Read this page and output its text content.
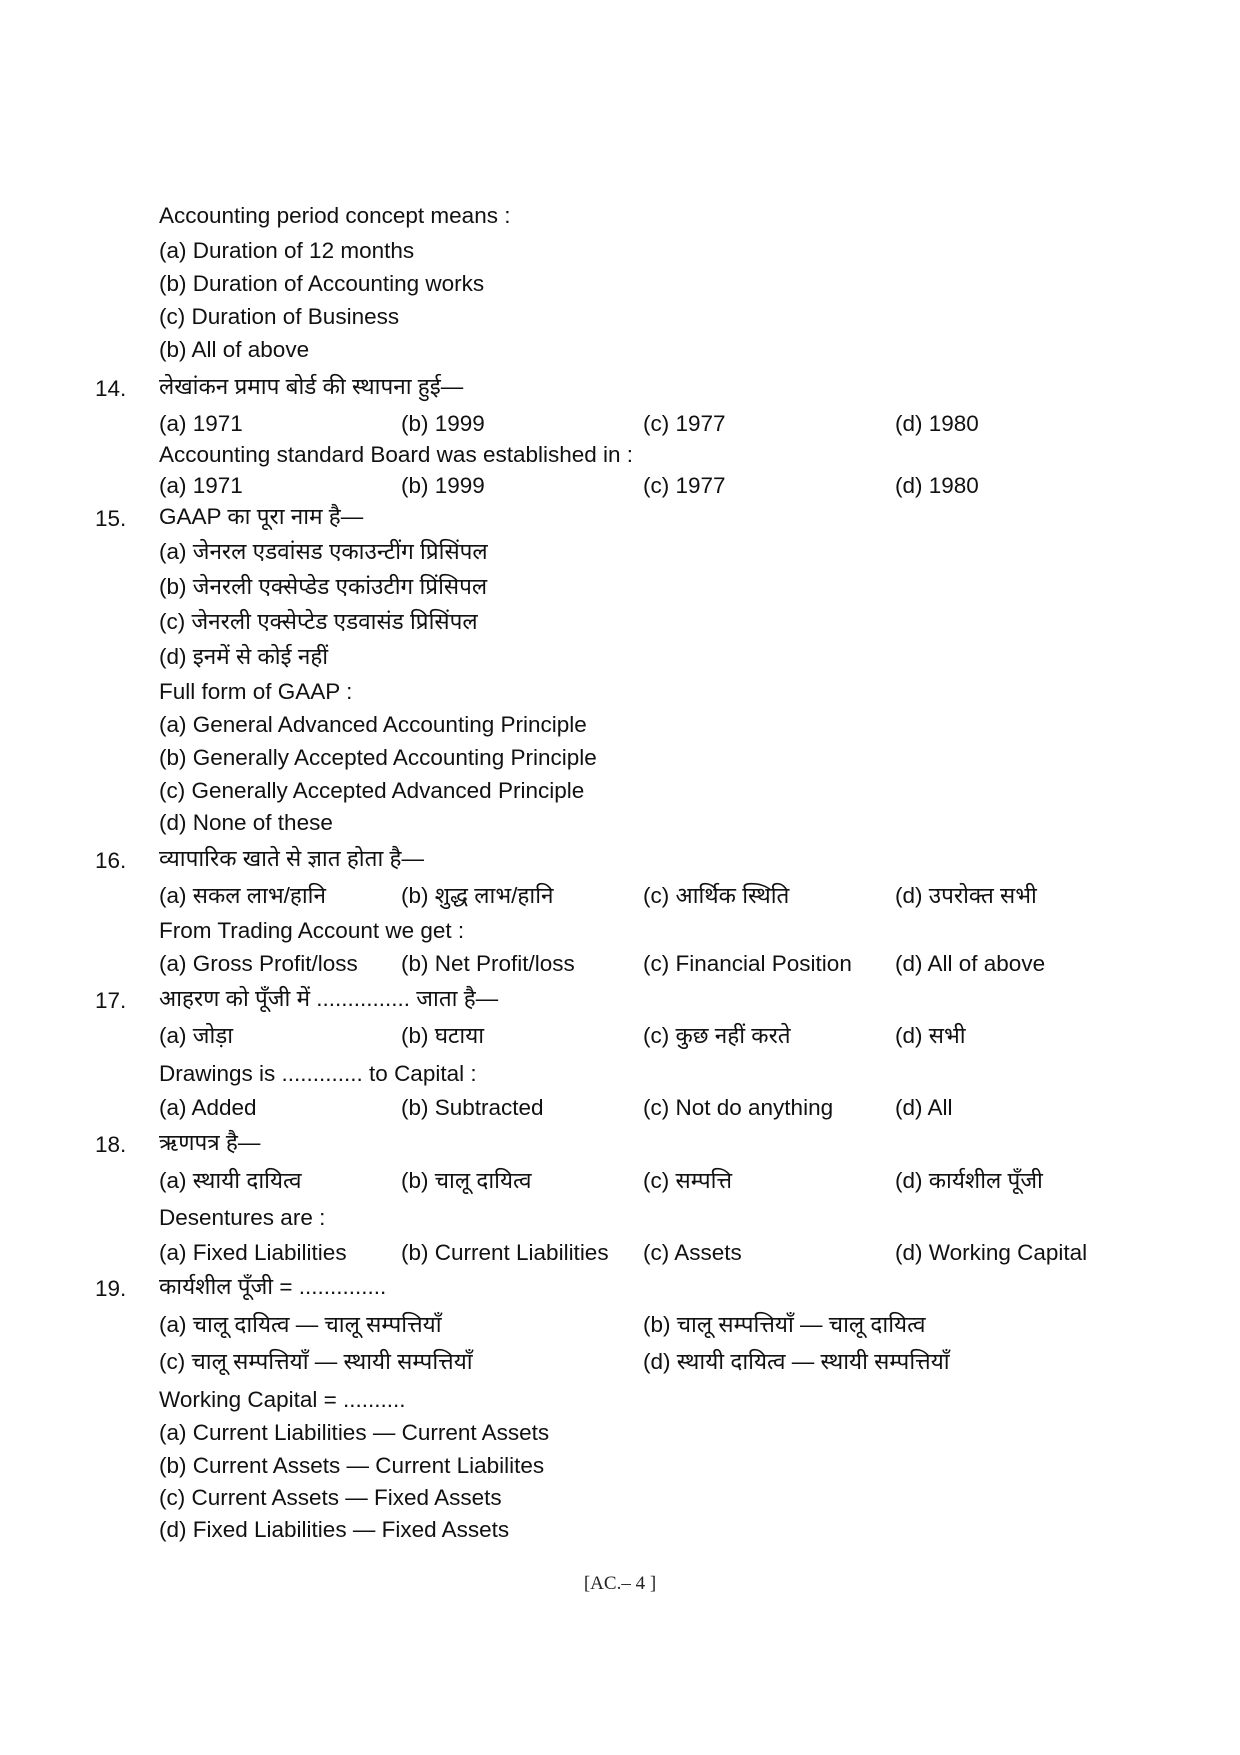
Accounting period concept means :
(a) Duration of 12 months
(b) Duration of Accounting works
(c) Duration of Business
(b) All of above
14. लेखांकन प्रमाप बोर्ड की स्थापना हुई—
(a) 1971	(b) 1999	(c) 1977	(d) 1980
Accounting standard Board was established in :
(a) 1971	(b) 1999	(c) 1977	(d) 1980
15. GAAP का पूरा नाम है—
(a) जेनरल एडवांसड एकाउन्टींग प्रिसिंपल
(b) जेनरली एक्सेप्डेड एकांउटीग प्रिंसिपल
(c) जेनरली एक्सेप्टेड एडवासंड प्रिसिंपल
(d) इनमें से कोई नहीं
Full form of GAAP :
(a) General Advanced Accounting Principle
(b) Generally Accepted Accounting Principle
(c) Generally Accepted Advanced Principle
(d) None of these
16. व्यापारिक खाते से ज्ञात होता है—
(a) सकल लाभ/हानि	(b) शुद्ध लाभ/हानि	(c) आर्थिक स्थिति	(d) उपरोक्त सभी
From Trading Account we get :
(a) Gross Profit/loss (b) Net Profit/loss	(c) Financial Position (d) All of above
17. आहरण को पूँजी में ............... जाता है—
(a) जोड़ा	(b) घटाया	(c) कुछ नहीं करते	(d) सभी
Drawings is ............. to Capital :
(a) Added	(b) Subtracted	(c) Not do anything	(d) All
18. ऋणपत्र है—
(a) स्थायी दायित्व	(b) चालू दायित्व	(c) सम्पत्ति	(d) कार्यशील पूँजी
Desentures are :
(a) Fixed Liabilities (b) Current Liabilities (c) Assets	(d) Working Capital
19. कार्यशील पूँजी = ..............
(a) चालू दायित्व — चालू सम्पत्तियाँ	(b) चालू सम्पत्तियाँ — चालू दायित्व
(c) चालू सम्पत्तियाँ — स्थायी सम्पत्तियाँ	(d) स्थायी दायित्व — स्थायी सम्पत्तियाँ
Working Capital = ..........
(a) Current Liabilities — Current Assets
(b) Current Assets — Current Liabilites
(c) Current Assets — Fixed Assets
(d) Fixed Liabilities — Fixed Assets
[AC.– 4 ]
